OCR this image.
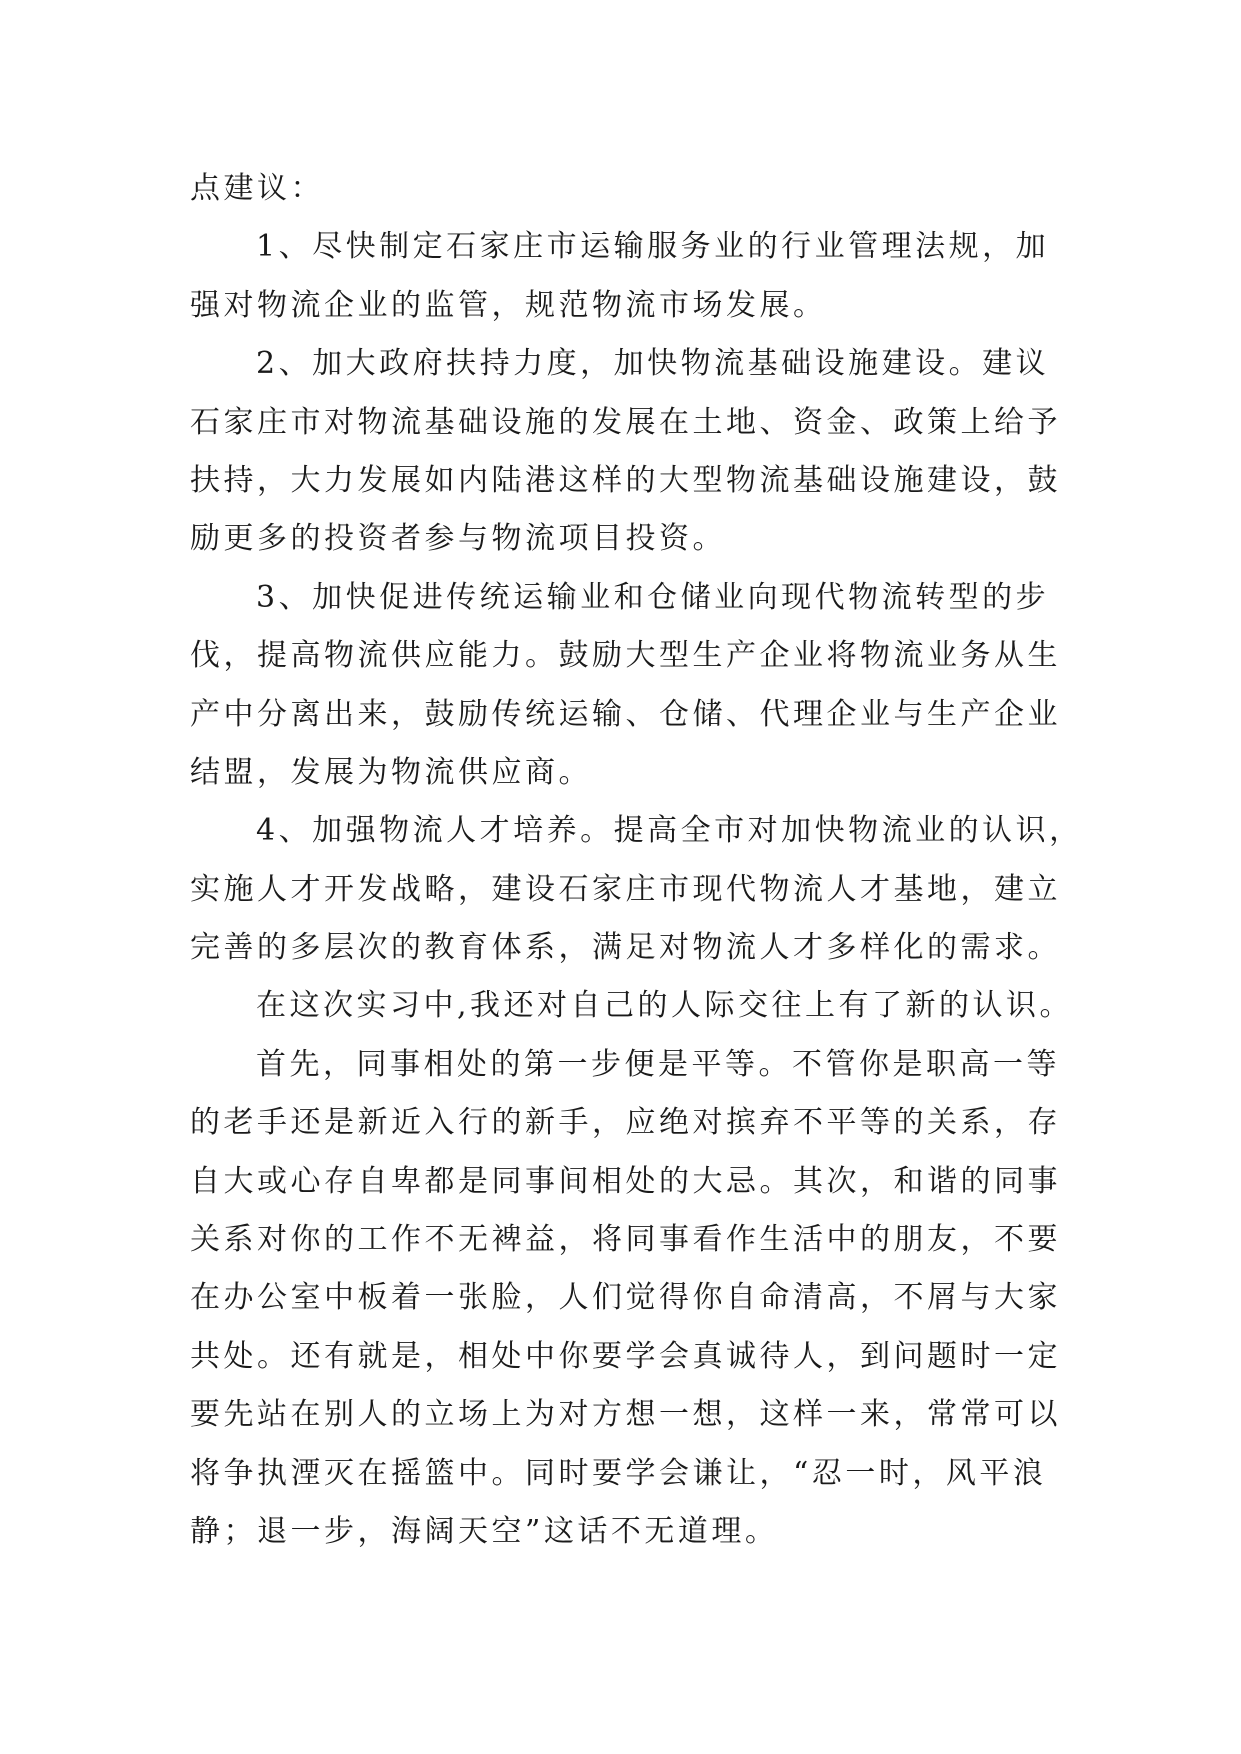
点建议：
1、尽快制定石家庄市运输服务业的行业管理法规，加
强对物流企业的监管，规范物流市场发展。
2、加大政府扶持力度，加快物流基础设施建设。建议
石家庄市对物流基础设施的发展在土地、资金、政策上给予
扶持，大力发展如内陆港这样的大型物流基础设施建设，鼓
励更多的投资者参与物流项目投资。
3、加快促进传统运输业和仓储业向现代物流转型的步
伐，提高物流供应能力。鼓励大型生产企业将物流业务从生
产中分离出来，鼓励传统运输、仓储、代理企业与生产企业
结盟，发展为物流供应商。
4、加强物流人才培养。提高全市对加快物流业的认识，
实施人才开发战略，建设石家庄市现代物流人才基地，建立
完善的多层次的教育体系，满足对物流人才多样化的需求。
在这次实习中,我还对自己的人际交往上有了新的认识。
首先，同事相处的第一步便是平等。不管你是职高一等
的老手还是新近入行的新手，应绝对摈弃不平等的关系，存
自大或心存自卑都是同事间相处的大忌。其次，和谐的同事
关系对你的工作不无裨益，将同事看作生活中的朋友，不要
在办公室中板着一张脸，人们觉得你自命清高，不屑与大家
共处。还有就是，相处中你要学会真诚待人，到问题时一定
要先站在别人的立场上为对方想一想，这样一来，常常可以
将争执湮灭在摇篮中。同时要学会谦让，“忍一时，风平浪
静；退一步，海阔天空”这话不无道理。
